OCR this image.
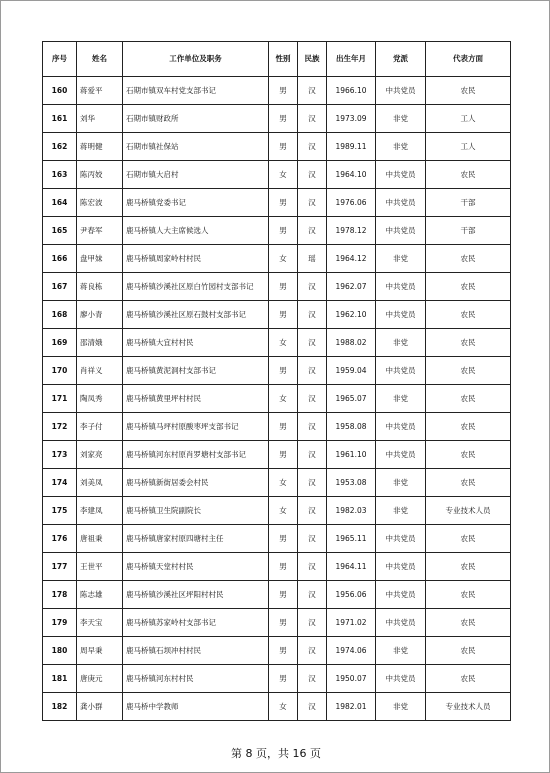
序号	姓名	工作单位及职务	性别	民族	出生年月	党派	代表方面
160	蒋爱平	石期市镇双车村党支部书记	男	汉	1966.10	中共党员	农民
161	刘华	石期市镇财政所	男	汉	1973.09	非党	工人
162	蒋明健	石期市镇社保站	男	汉	1989.11	非党	工人
163	陈丙姣	石期市镇大启村	女	汉	1964.10	中共党员	农民
164	陈宏波	鹿马桥镇党委书记	男	汉	1976.06	中共党员	干部
165	尹春军	鹿马桥镇人大主席候选人	男	汉	1978.12	中共党员	干部
166	盘甲妹	鹿马桥镇周家岭村村民	女	瑶	1964.12	非党	农民
167	蒋良栋	鹿马桥镇沙溪社区原白竹园村支部书记	男	汉	1962.07	中共党员	农民
168	廖小青	鹿马桥镇沙溪社区原石鼓村支部书记	男	汉	1962.10	中共党员	农民
169	邵清娥	鹿马桥镇大宜村村民	女	汉	1988.02	非党	农民
170	肖祥义	鹿马桥镇黄泥洞村支部书记	男	汉	1959.04	中共党员	农民
171	陶凤秀	鹿马桥镇黄里坪村村民	女	汉	1965.07	非党	农民
172	李子付	鹿马桥镇马坪村原酸枣坪支部书记	男	汉	1958.08	中共党员	农民
173	刘家亮	鹿马桥镇河东村原肖罗塘村支部书记	男	汉	1961.10	中共党员	农民
174	刘美凤	鹿马桥镇新街居委会村民	女	汉	1953.08	非党	农民
175	李建凤	鹿马桥镇卫生院副院长	女	汉	1982.03	非党	专业技术人员
176	唐祖秉	鹿马桥镇唐家村原四塘村主任	男	汉	1965.11	中共党员	农民
177	王世平	鹿马桥镇天堂村村民	男	汉	1964.11	中共党员	农民
178	陈志雄	鹿马桥镇沙溪社区坪阳村村民	男	汉	1956.06	中共党员	农民
179	李天宝	鹿马桥镇苏家岭村支部书记	男	汉	1971.02	中共党员	农民
180	周早秉	鹿马桥镇石坝冲村村民	男	汉	1974.06	非党	农民
181	唐庚元	鹿马桥镇河东村村民	男	汉	1950.07	中共党员	农民
182	龚小群	鹿马桥中学教师	女	汉	1982.01	非党	专业技术人员
第 8 页，共 16 页
